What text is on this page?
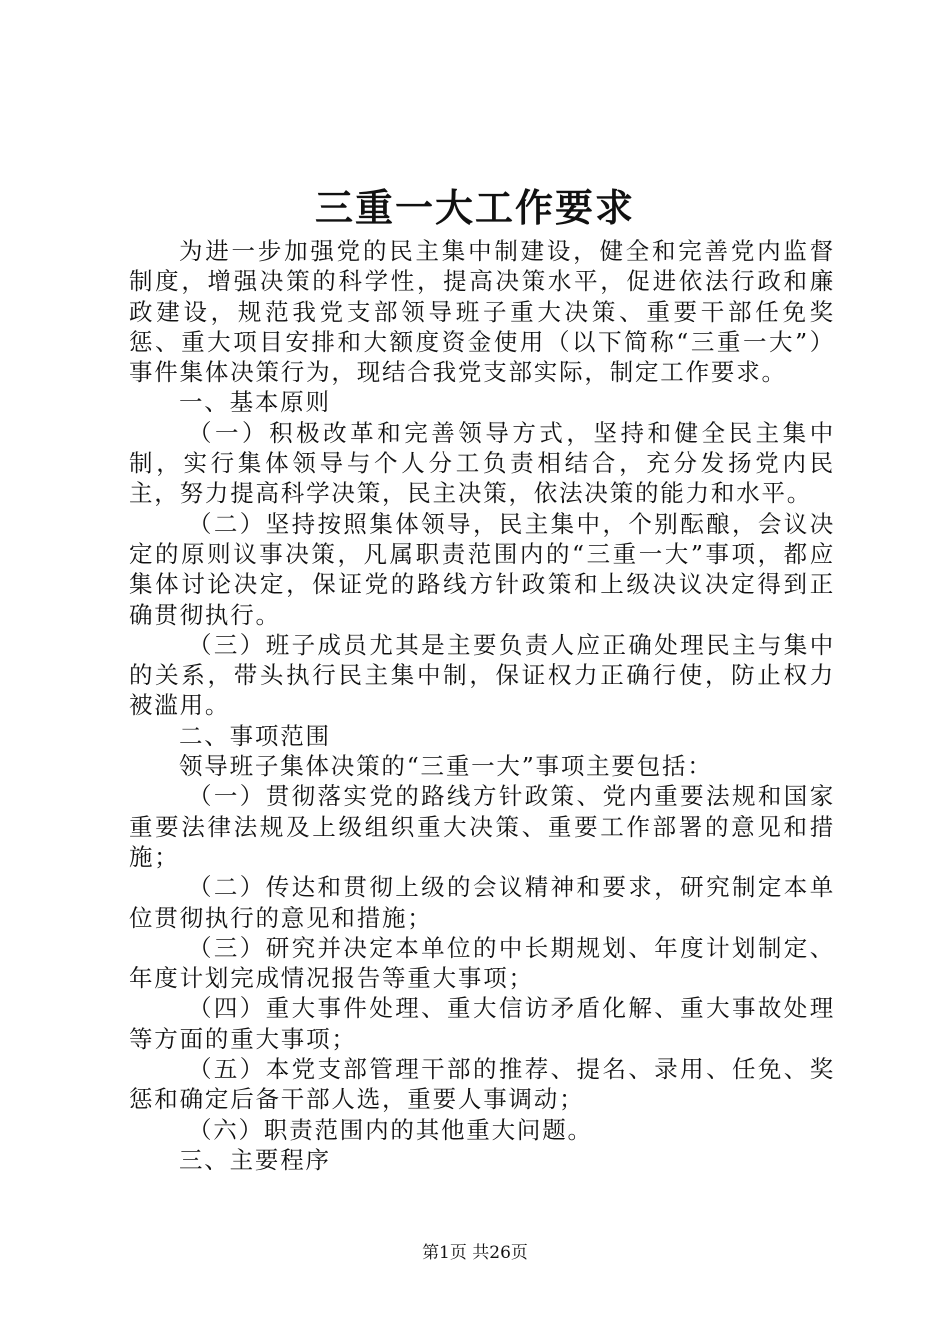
三重一大工作要求

为进一步加强党的民主集中制建设，健全和完善党内监督制度，增强决策的科学性，提高决策水平，促进依法行政和廉政建设，规范我党支部领导班子重大决策、重要干部任免奖惩、重大项目安排和大额度资金使用（以下简称“三重一大”）事件集体决策行为，现结合我党支部实际，制定工作要求。

一、基本原则

（一）积极改革和完善领导方式，坚持和健全民主集中制，实行集体领导与个人分工负责相结合，充分发扬党内民主，努力提高科学决策，民主决策，依法决策的能力和水平。

（二）坚持按照集体领导，民主集中，个别酝酿，会议决定的原则议事决策，凡属职责范围内的“三重一大”事项，都应集体讨论决定，保证党的路线方针政策和上级决议决定得到正确贯彻执行。

（三）班子成员尤其是主要负责人应正确处理民主与集中的关系，带头执行民主集中制，保证权力正确行使，防止权力被滥用。

二、事项范围

领导班子集体决策的“三重一大”事项主要包括：

（一）贯彻落实党的路线方针政策、党内重要法规和国家重要法律法规及上级组织重大决策、重要工作部署的意见和措施；

（二）传达和贯彻上级的会议精神和要求，研究制定本单位贯彻执行的意见和措施；

（三）研究并决定本单位的中长期规划、年度计划制定、年度计划完成情况报告等重大事项；

（四）重大事件处理、重大信访矛盾化解、重大事故处理等方面的重大事项；

（五）本党支部管理干部的推荐、提名、录用、任免、奖惩和确定后备干部人选，重要人事调动；

（六）职责范围内的其他重大问题。

三、主要程序

第1页 共26页
